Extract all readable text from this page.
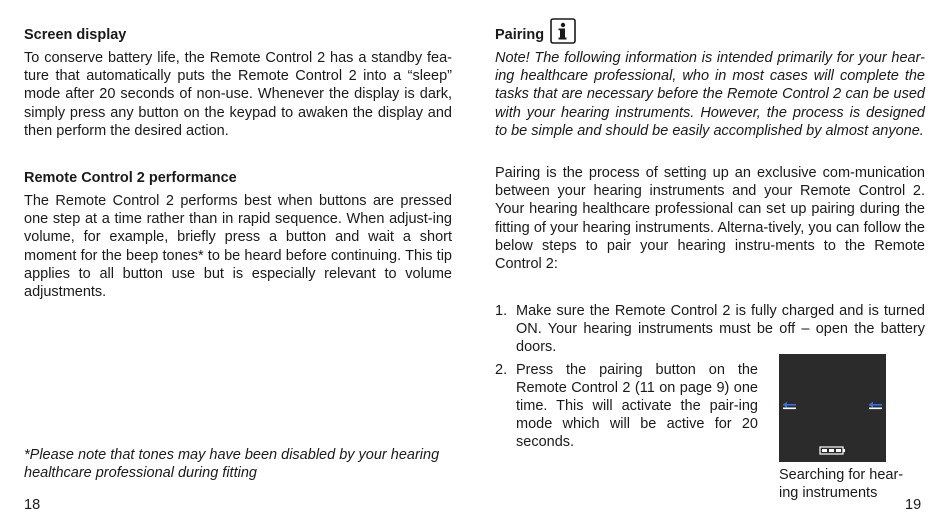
Screen display

To conserve battery life, the Remote Control 2 has a standby fea-ture that automatically puts the Remote Control 2 into a “sleep” mode after 20 seconds of non-use. Whenever the display is dark, simply press any button on the keypad to awaken the display and then perform the desired action.

Remote Control 2 performance

The Remote Control 2 performs best when buttons are pressed one step at a time rather than in rapid sequence. When adjust-ing volume, for example, briefly press a button and wait a short moment for the beep tones* to be heard before continuing. This tip applies to all button use but is especially relevant to volume adjustments.

*Please note that tones may have been disabled by your hearing healthcare professional during fitting

18
Pairing

Note! The following information is intended primarily for your hear-ing healthcare professional, who in most cases will complete the tasks that are necessary before the Remote Control 2 can be used with your hearing instruments. However, the process is designed to be simple and should be easily accomplished by almost anyone.

Pairing is the process of setting up an exclusive com-munication between your hearing instruments and your Remote Control 2. Your hearing healthcare professional can set up pairing during the fitting of your hearing instruments. Alterna-tively, you can follow the below steps to pair your hearing instru-ments to the Remote Control 2:

1. Make sure the Remote Control 2 is fully charged and is turned ON. Your hearing instruments must be off – open the battery doors.
2. Press the pairing button on the Remote Control 2 (11 on page 9) one time. This will activate the pair-ing mode which will be active for 20 seconds.
Searching for hear-ing instruments
19
